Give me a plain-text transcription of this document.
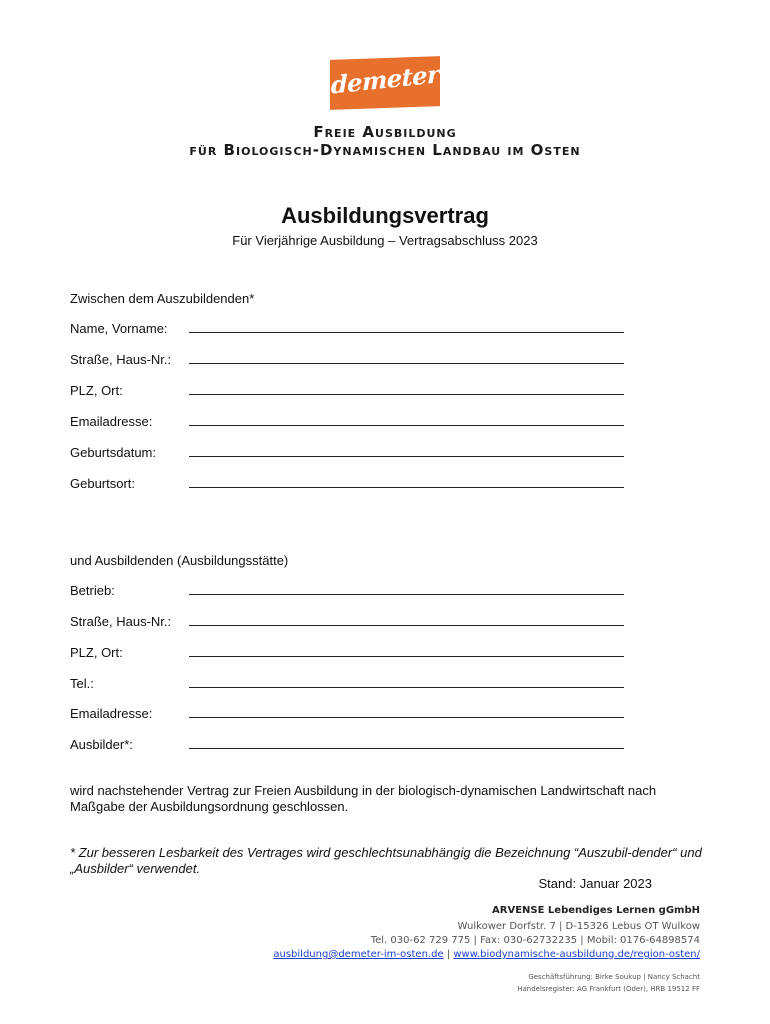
demeter
Freie Ausbildung
für Biologisch-Dynamischen Landbau im Osten
Ausbildungsvertrag
Für Vierjährige Ausbildung – Vertragsabschluss 2023
Zwischen dem Auszubildenden*
Name, Vorname:
Straße, Haus-Nr.:
PLZ, Ort:
Emailadresse:
Geburtsdatum:
Geburtsort:
und Ausbildenden (Ausbildungsstätte)
Betrieb:
Straße, Haus-Nr.:
PLZ, Ort:
Tel.:
Emailadresse:
Ausbilder*:
wird nachstehender Vertrag zur Freien Ausbildung in der biologisch-dynamischen Landwirtschaft nach Maßgabe der Ausbildungsordnung geschlossen.
* Zur besseren Lesbarkeit des Vertrages wird geschlechtsunabhängig die Bezeichnung “Auszubil-dender“ und „Ausbilder“ verwendet.
Stand: Januar 2023
ARVENSE Lebendiges Lernen gGmbH
Wulkower Dorfstr. 7 | D-15326 Lebus OT Wulkow
Tel. 030-62 729 775 | Fax: 030-62732235 | Mobil: 0176-64898574
ausbildung@demeter-im-osten.de | www.biodynamische-ausbildung.de/region-osten/
Geschäftsführung: Birke Soukup | Nancy Schacht
Handelsregister: AG Frankfurt (Oder), HRB 19512 FF
